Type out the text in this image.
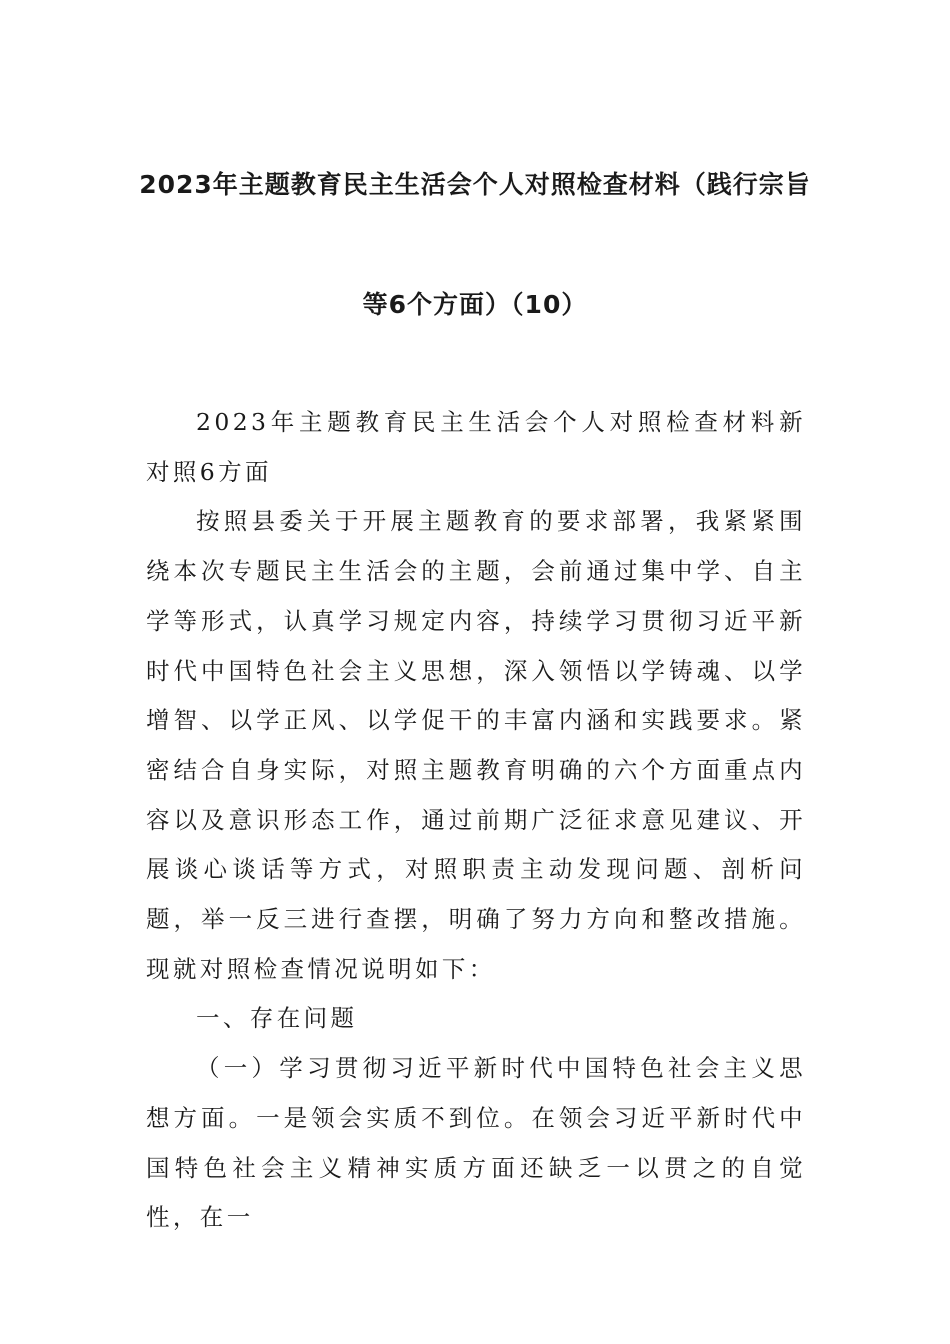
2023年主题教育民主生活会个人对照检查材料（践行宗旨
等6个方面）（10）

2023年主题教育民主生活会个人对照检查材料新对照6方面

按照县委关于开展主题教育的要求部署，我紧紧围绕本次专题民主生活会的主题，会前通过集中学、自主学等形式，认真学习规定内容，持续学习贯彻习近平新时代中国特色社会主义思想，深入领悟以学铸魂、以学增智、以学正风、以学促干的丰富内涵和实践要求。紧密结合自身实际，对照主题教育明确的六个方面重点内容以及意识形态工作，通过前期广泛征求意见建议、开展谈心谈话等方式，对照职责主动发现问题、剖析问题，举一反三进行查摆，明确了努力方向和整改措施。现就对照检查情况说明如下：

一、存在问题

（一）学习贯彻习近平新时代中国特色社会主义思想方面。一是领会实质不到位。在领会习近平新时代中国特色社会主义精神实质方面还缺乏一以贯之的自觉性，在一
